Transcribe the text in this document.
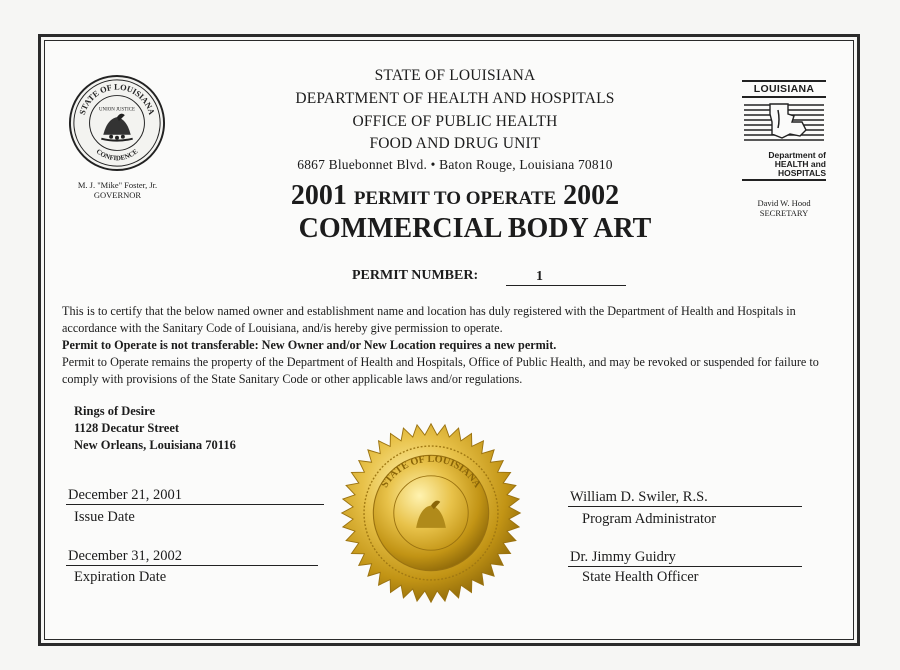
STATE OF LOUISIANA
CONFIDENCE
UNION JUSTICE
M. J. "Mike" Foster, Jr.
GOVERNOR
STATE OF LOUISIANA
DEPARTMENT OF HEALTH AND HOSPITALS
OFFICE OF PUBLIC HEALTH
FOOD AND DRUG UNIT
6867 Bluebonnet Blvd. • Baton Rouge, Louisiana 70810
2001 PERMIT TO OPERATE 2002
COMMERCIAL BODY ART
LOUISIANA
Department of
HEALTH and
HOSPITALS
David W. Hood
SECRETARY
PERMIT NUMBER:	1

This is to certify that the below named owner and establishment name and location has duly registered with the Department of Health and Hospitals in accordance with the Sanitary Code of Louisiana, and/is hereby give permission to operate.

Permit to Operate is not transferable: New Owner and/or New Location requires a new permit.

Permit to Operate remains the property of the Department of Health and Hospitals, Office of Public Health, and may be revoked or suspended for failure to comply with provisions of the State Sanitary Code or other applicable laws and/or regulations.

Rings of Desire
1128 Decatur Street
New Orleans, Louisiana 70116
December 21, 2001
Issue Date
December 31, 2002
Expiration Date
William D. Swiler, R.S.
Program Administrator
Dr. Jimmy Guidry
State Health Officer
STATE OF LOUISIANA
